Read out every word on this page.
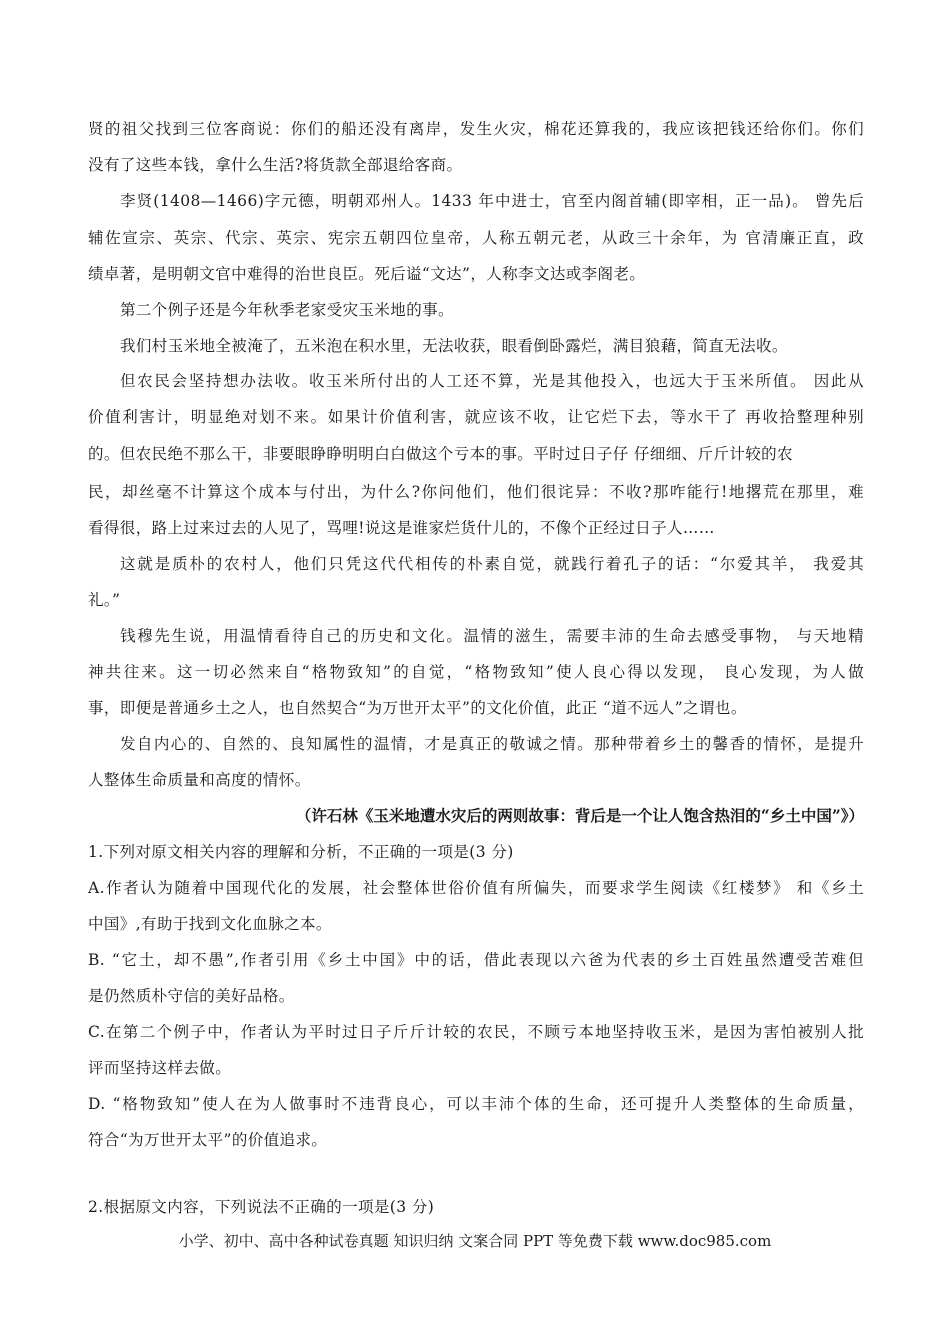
贤的祖父找到三位客商说：你们的船还没有离岸，发生火灾，棉花还算我的，我应该把钱还给你们。你们
没有了这些本钱，拿什么生活?将货款全部退给客商。
李贤(1408—1466)字元德，明朝邓州人。1433 年中进士，官至内阁首辅(即宰相，正一品)。 曾先后
辅佐宣宗、英宗、代宗、英宗、宪宗五朝四位皇帝，人称五朝元老，从政三十余年，为 官清廉正直，政
绩卓著，是明朝文官中难得的治世良臣。死后谥“文达”，人称李文达或李阁老。
第二个例子还是今年秋季老家受灾玉米地的事。
我们村玉米地全被淹了，五米泡在积水里，无法收获，眼看倒卧露烂，满目狼藉，简直无法收。
但农民会坚持想办法收。收玉米所付出的人工还不算，光是其他投入，也远大于玉米所值。 因此从
价值利害计，明显绝对划不来。如果计价值利害，就应该不收，让它烂下去，等水干了 再收拾整理种别
的。但农民绝不那么干，非要眼睁睁明明白白做这个亏本的事。平时过日子仔 仔细细、斤斤计较的农
民，却丝毫不计算这个成本与付出，为什么?你问他们，他们很诧异：不收?那咋能行!地撂荒在那里，难
看得很，路上过来过去的人见了，骂哩!说这是谁家烂货什儿的，不像个正经过日子人……
这就是质朴的农村人，他们只凭这代代相传的朴素自觉，就践行着孔子的话：“尔爱其羊， 我爱其
礼。”
钱穆先生说，用温情看待自己的历史和文化。温情的滋生，需要丰沛的生命去感受事物， 与天地精
神共往来。这一切必然来自“格物致知”的自觉，“格物致知”使人良心得以发现， 良心发现，为人做
事，即便是普通乡土之人，也自然契合“为万世开太平”的文化价值，此正 “道不远人”之谓也。
发自内心的、自然的、良知属性的温情，才是真正的敬诚之情。那种带着乡土的馨香的情怀，是提升
人整体生命质量和高度的情怀。
（许石林《玉米地遭水灾后的两则故事：背后是一个让人饱含热泪的“乡土中国”》）
1.下列对原文相关内容的理解和分析，不正确的一项是(3 分)
A.作者认为随着中国现代化的发展，社会整体世俗价值有所偏失，而要求学生阅读《红楼梦》 和《乡土
中国》,有助于找到文化血脉之本。
B. “它土，却不愚”,作者引用《乡土中国》中的话，借此表现以六爸为代表的乡土百姓虽然遭受苦难但
是仍然质朴守信的美好品格。
C.在第二个例子中，作者认为平时过日子斤斤计较的农民，不顾亏本地坚持收玉米，是因为害怕被别人批
评而坚持这样去做。
D. “格物致知”使人在为人做事时不违背良心，可以丰沛个体的生命，还可提升人类整体的生命质量，
符合“为万世开太平”的价值追求。
2.根据原文内容，下列说法不正确的一项是(3 分)
小学、初中、高中各种试卷真题 知识归纳 文案合同 PPT 等免费下载 www.doc985.com
